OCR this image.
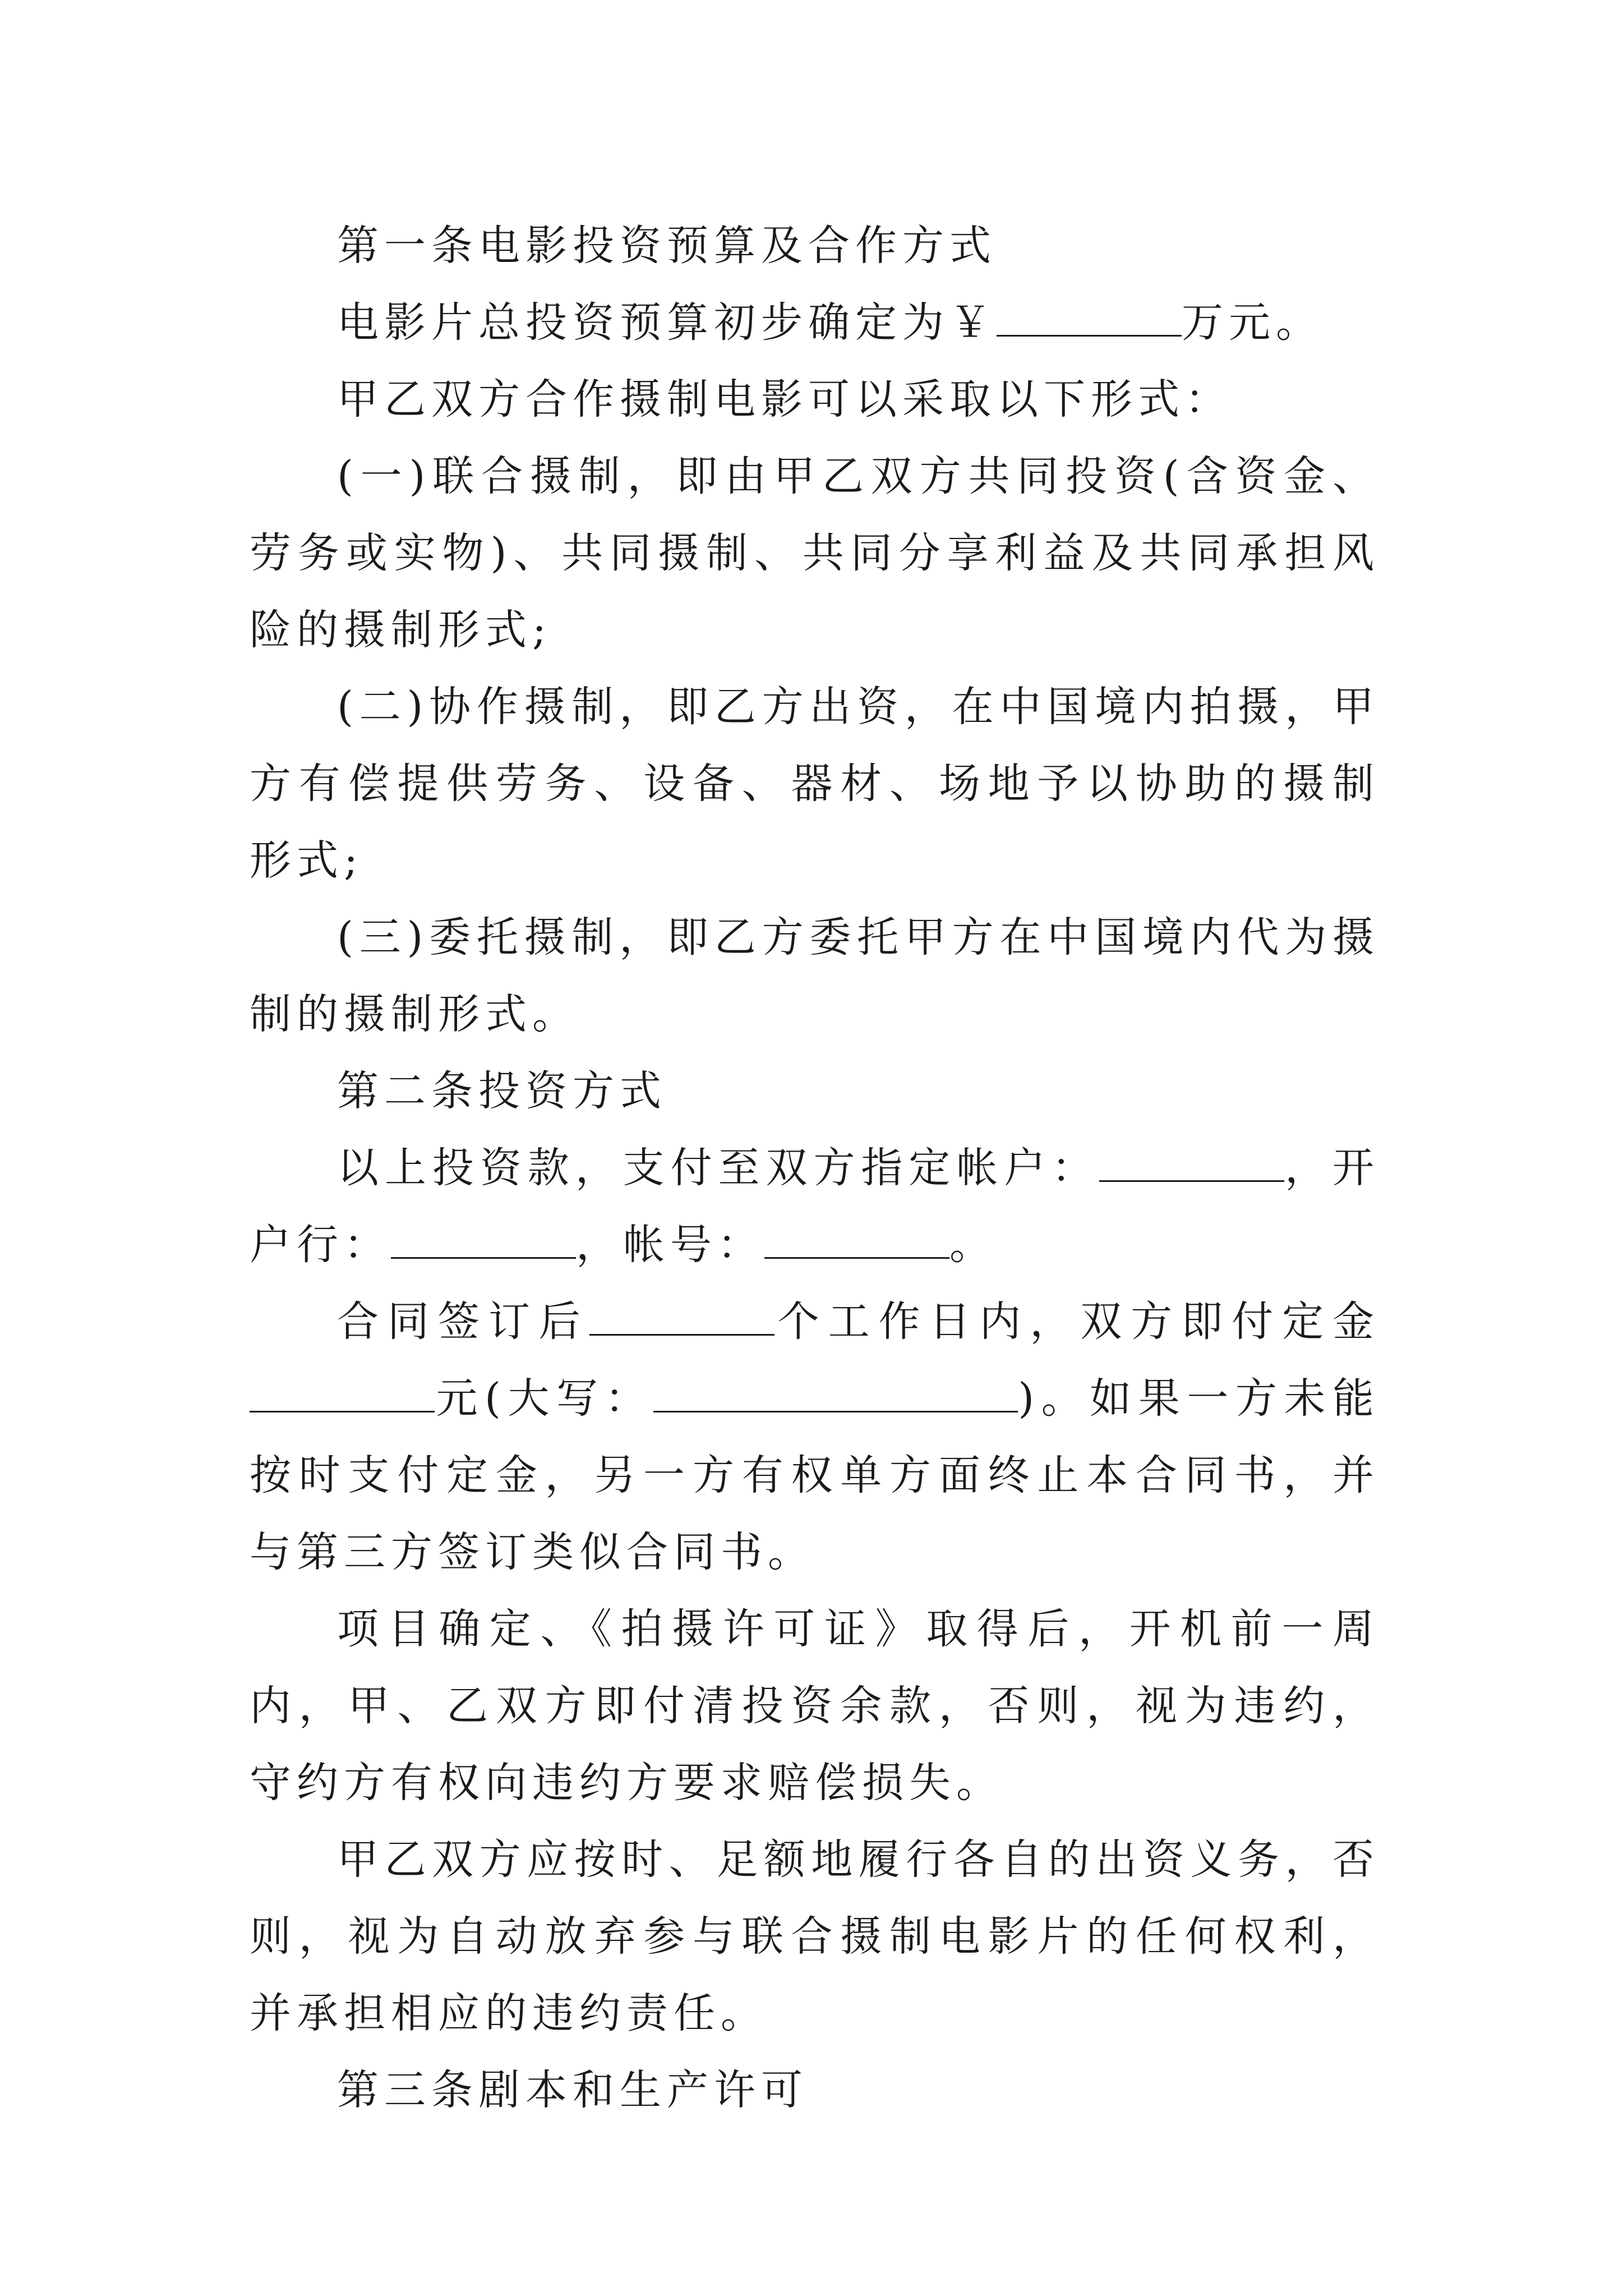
第一条电影投资预算及合作方式

电影片总投资预算初步确定为￥	万元。

甲乙双方合作摄制电影可以采取以下形式：

(一)联合摄制，即由甲乙双方共同投资(含资金、劳务或实物)、共同摄制、共同分享利益及共同承担风险的摄制形式;

(二)协作摄制，即乙方出资，在中国境内拍摄，甲方有偿提供劳务、设备、器材、场地予以协助的摄制形式;

(三)委托摄制，即乙方委托甲方在中国境内代为摄制的摄制形式。

第二条投资方式

以上投资款，支付至双方指定帐户：	，开户行：	，帐号：	。

合同签订后	个工作日内，双方即付定金元(大写：	)。如果一方未能按时支付定金，另一方有权单方面终止本合同书，并与第三方签订类似合同书。

项目确定、《拍摄许可证》取得后，开机前一周内，甲、乙双方即付清投资余款，否则，视为违约，守约方有权向违约方要求赔偿损失。

甲乙双方应按时、足额地履行各自的出资义务，否则，视为自动放弃参与联合摄制电影片的任何权利，并承担相应的违约责任。

第三条剧本和生产许可
